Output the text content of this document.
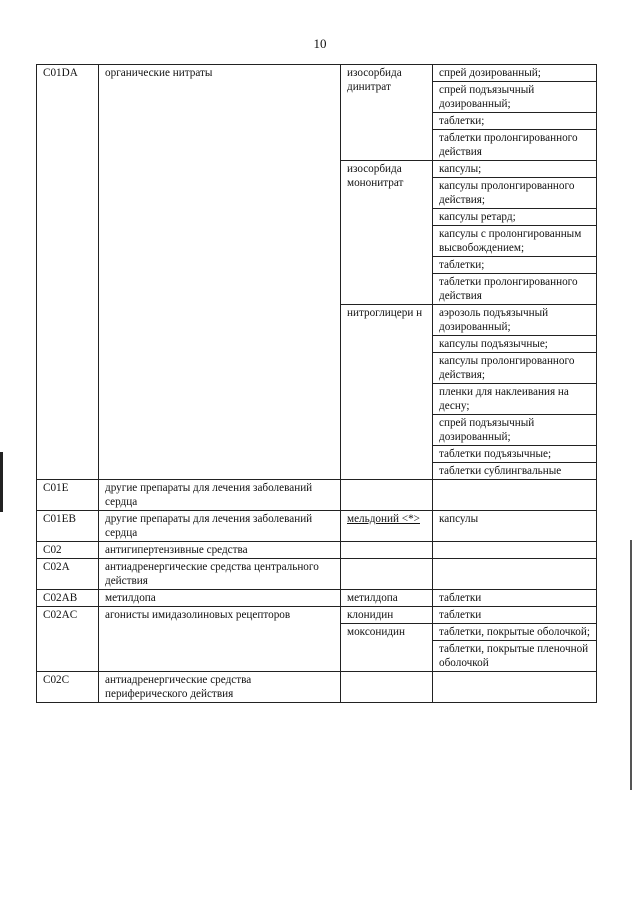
10
C01DA	органические нитраты	изосорбида динитрат	спрей дозированный;
			спрей подъязычный дозированный;
			таблетки;
			таблетки пролонгированного действия
		изосорбида мононитрат	капсулы;
			капсулы пролонгированного действия;
			капсулы ретард;
			капсулы с пролонгированным высвобождением;
			таблетки;
			таблетки пролонгированного действия
		нитроглицери н	аэрозоль подъязычный дозированный;
			капсулы подъязычные;
			капсулы пролонгированного действия;
			пленки для наклеивания на десну;
			спрей подъязычный дозированный;
			таблетки подъязычные;
			таблетки сублингвальные
C01E	другие препараты для лечения заболеваний сердца		
C01EB	другие препараты для лечения заболеваний сердца	мельдоний <*>	капсулы
C02	антигипертензивные средства		
C02A	антиадренергические средства центрального действия		
C02AB	метилдопа	метилдопа	таблетки
C02AC	агонисты имидазолиновых рецепторов	клонидин	таблетки
		моксонидин	таблетки, покрытые оболочкой;
			таблетки, покрытые пленочной оболочкой
C02C	антиадренергические средства периферического действия		
